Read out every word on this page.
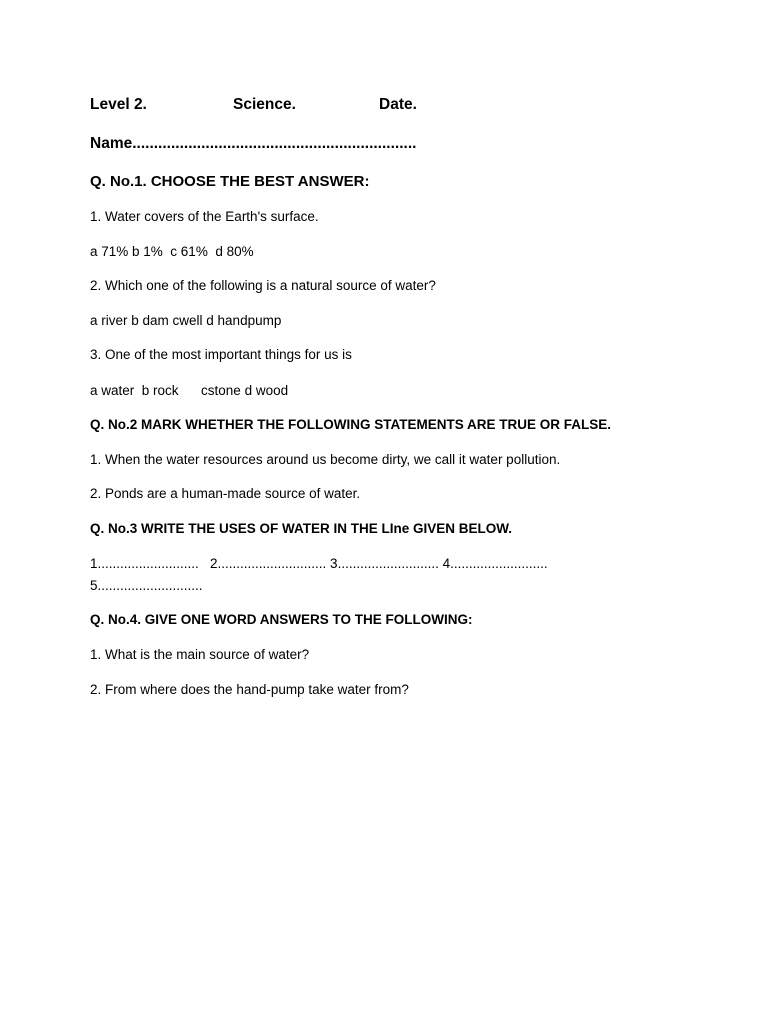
Level 2.

	Science.

	Date.

Name..................................................................
Q. No.1. CHOOSE THE BEST ANSWER:
1. Water covers of the Earth's surface.
a 71% b 1%  c 61%  d 80%
2. Which one of the following is a natural source of water?
a river b dam cwell d handpump
3. One of the most important things for us is
a water  b rock      cstone d wood
Q. No.2 MARK WHETHER THE FOLLOWING STATEMENTS ARE TRUE OR FALSE.
1. When the water resources around us become dirty, we call it water pollution.
2. Ponds are a human-made source of water.
Q. No.3 WRITE THE USES OF WATER IN THE LIne GIVEN BELOW.
1...........................   2............................. 3........................... 4..........................
5............................
Q. No.4. GIVE ONE WORD ANSWERS TO THE FOLLOWING:
1. What is the main source of water?
2. From where does the hand-pump take water from?
